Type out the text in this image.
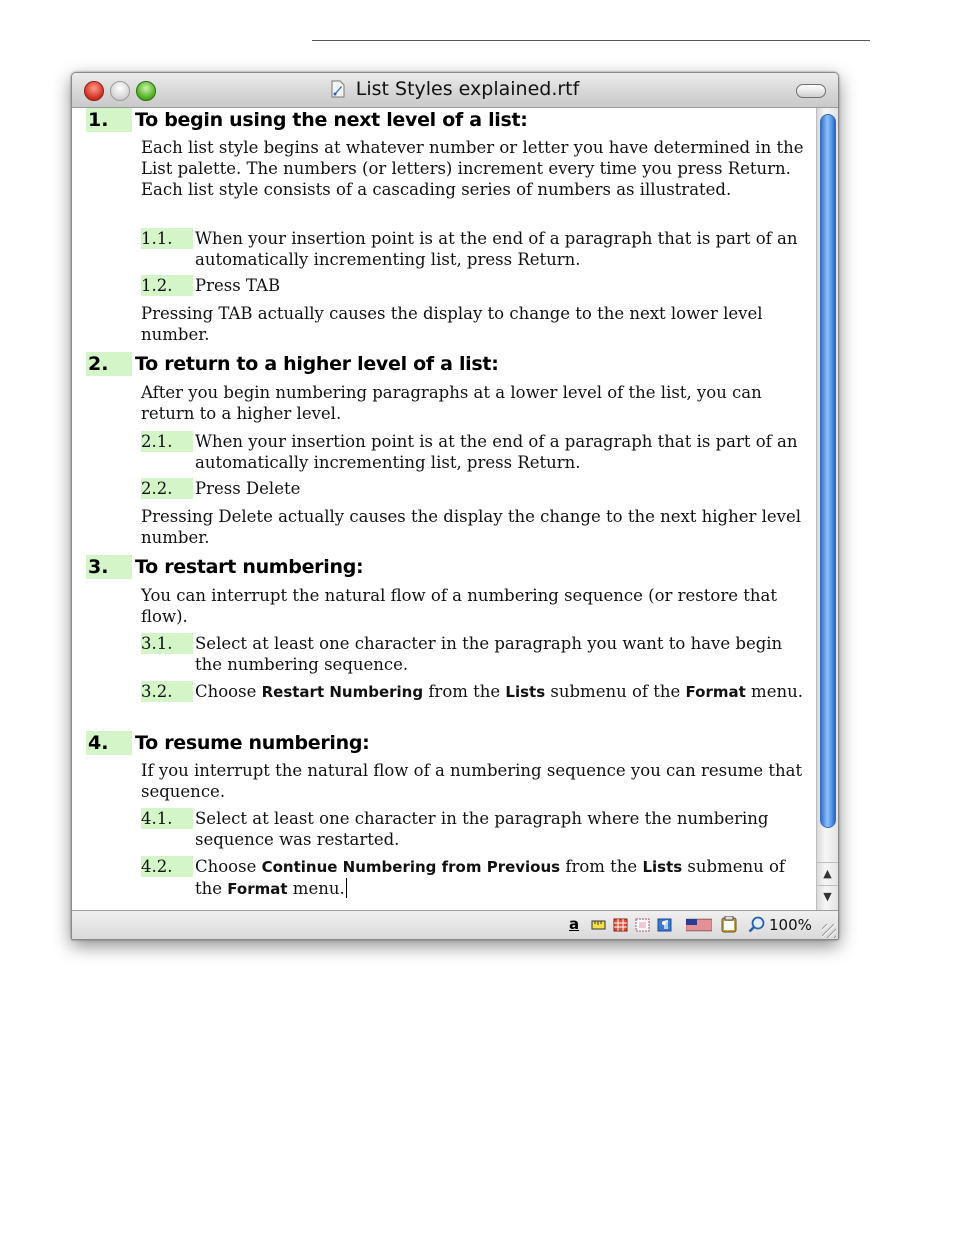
List Styles explained.rtf
1.	To begin using the next level of a list:
Each list style begins at whatever number or letter you have determined in the List palette. The numbers (or letters) increment every time you press Return. Each list style consists of a cascading series of numbers as illustrated.
1.1.	When your insertion point is at the end of a paragraph that is part of an automatically incrementing list, press Return.
1.2.	Press TAB
Pressing TAB actually causes the display to change to the next lower level number.
2.	To return to a higher level of a list:
After you begin numbering paragraphs at a lower level of the list, you can return to a higher level.
2.1.	When your insertion point is at the end of a paragraph that is part of an automatically incrementing list, press Return.
2.2.	Press Delete
Pressing Delete actually causes the display the change to the next higher level number.
3.	To restart numbering:
You can interrupt the natural flow of a numbering sequence (or restore that flow).
3.1.	Select at least one character in the paragraph you want to have begin the numbering sequence.
3.2.	Choose Restart Numbering from the Lists submenu of the Format menu.
4.	To resume numbering:
If you interrupt the natural flow of a numbering sequence you can resume that sequence.
4.1.	Select at least one character in the paragraph where the numbering sequence was restarted.
4.2.	Choose Continue Numbering from Previous from the Lists submenu of the Format menu.
▲
▼
a	100%
